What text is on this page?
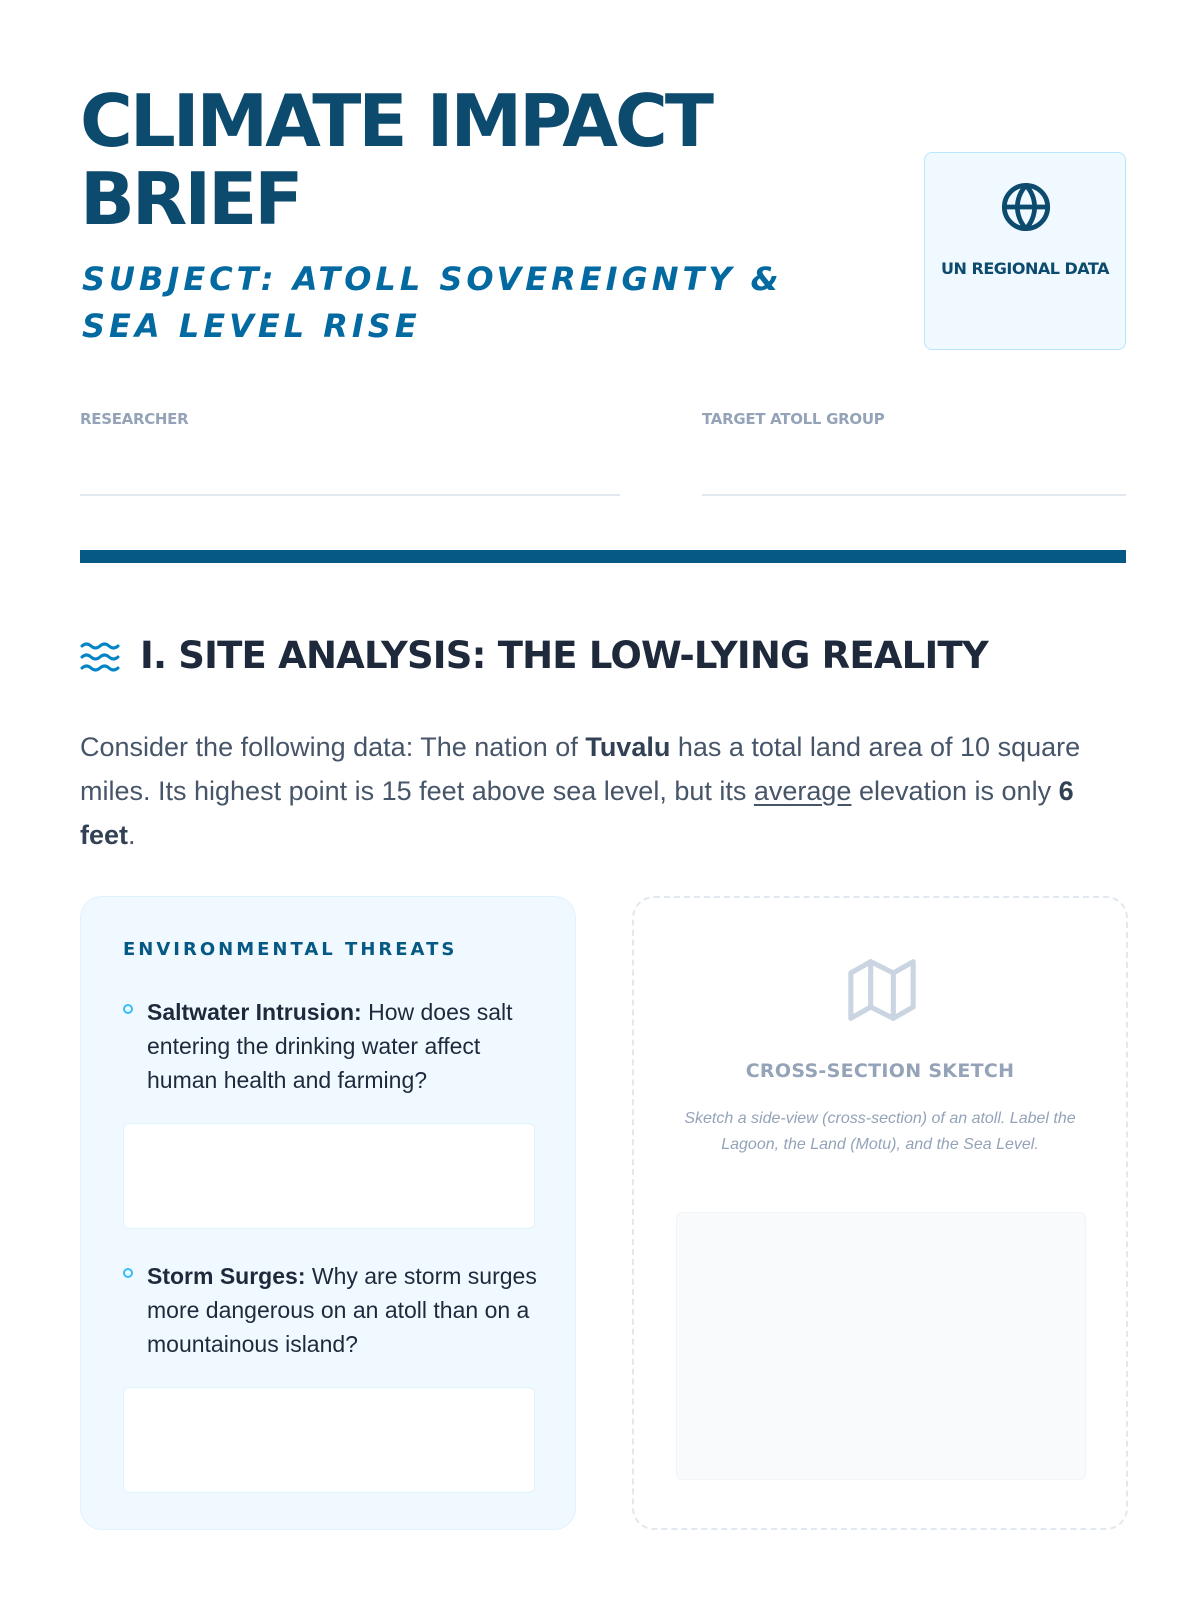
CLIMATE IMPACT BRIEF
SUBJECT: ATOLL SOVEREIGNTY & SEA LEVEL RISE
UN REGIONAL DATA
RESEARCHER	TARGET ATOLL GROUP
I. SITE ANALYSIS: THE LOW-LYING REALITY

Consider the following data: The nation of Tuvalu has a total land area of 10 square miles. Its highest point is 15 feet above sea level, but its average elevation is only 6 feet.

ENVIRONMENTAL THREATS
Saltwater Intrusion: How does salt entering the drinking water affect human health and farming?
Storm Surges: Why are storm surges more dangerous on an atoll than on a mountainous island?
CROSS-SECTION SKETCH
Sketch a side-view (cross-section) of an atoll. Label the Lagoon, the Land (Motu), and the Sea Level.
